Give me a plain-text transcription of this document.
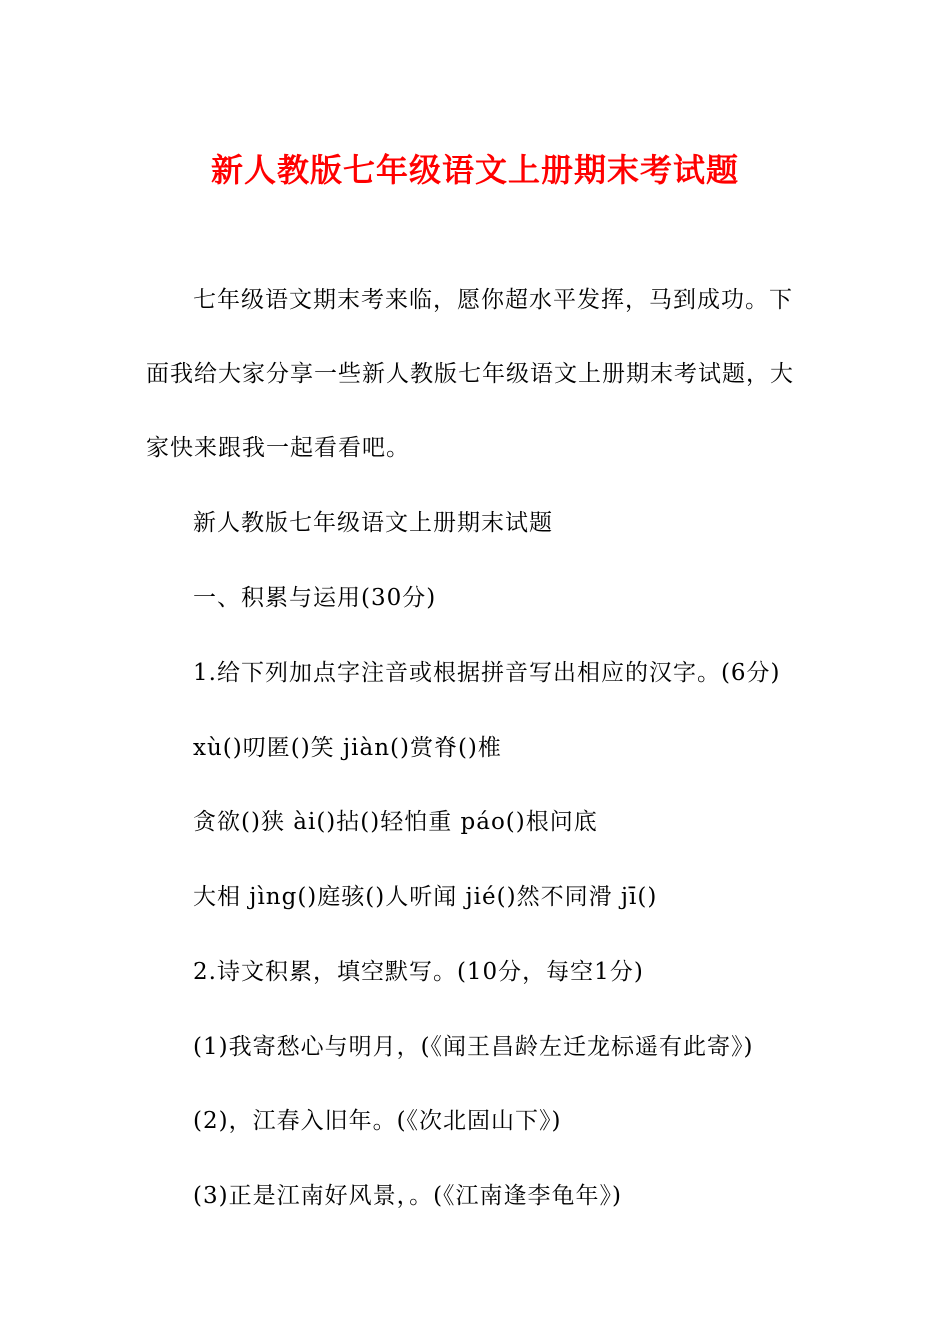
新人教版七年级语文上册期末考试题
七年级语文期末考来临，愿你超水平发挥，马到成功。下
面我给大家分享一些新人教版七年级语文上册期末考试题，大
家快来跟我一起看看吧。
新人教版七年级语文上册期末试题
一、积累与运用(30分)
1.给下列加点字注音或根据拼音写出相应的汉字。(6分)
xù()叨匿()笑 jiàn()赏脊()椎
贪欲()狭 ài()拈()轻怕重 páo()根问底
大相 jìng()庭骇()人听闻 jié()然不同滑 jī()
2.诗文积累，填空默写。(10分，每空1分)
(1)我寄愁心与明月，(《闻王昌龄左迁龙标遥有此寄》)
(2)，江春入旧年。(《次北固山下》)
(3)正是江南好风景，。(《江南逢李龟年》)
